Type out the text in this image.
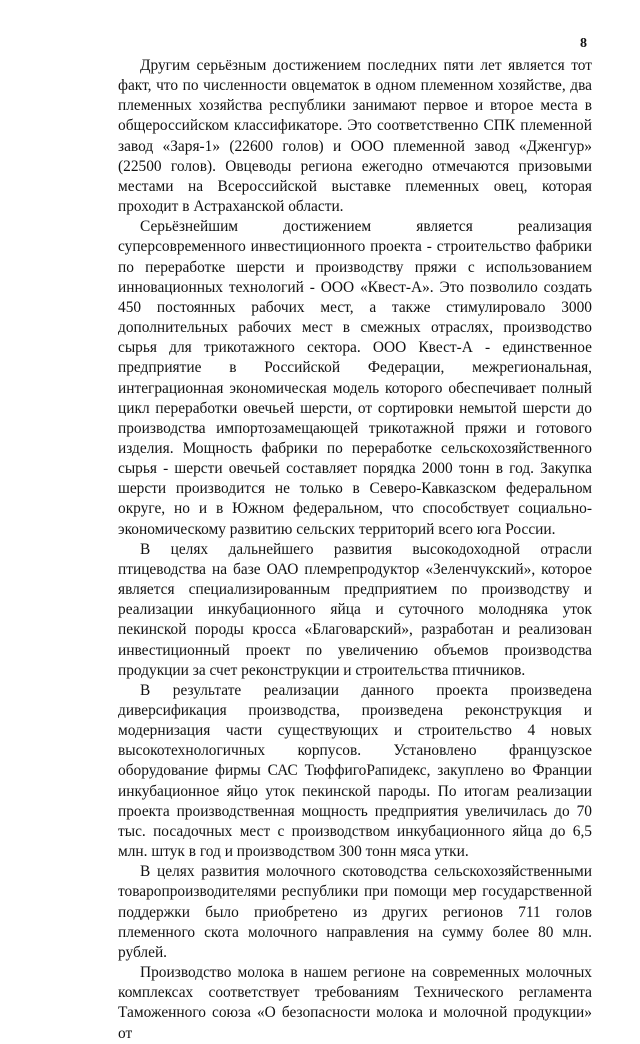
8

Другим серьёзным достижением последних пяти лет является тот факт, что по численности овцематок в одном племенном хозяйстве, два племенных хозяйства республики занимают первое и второе места в общероссийском классификаторе. Это соответственно СПК племенной завод «Заря-1» (22600 голов) и ООО племенной завод «Дженгур» (22500 голов). Овцеводы региона ежегодно отмечаются призовыми местами на Всероссийской выставке племенных овец, которая проходит в Астраханской области.

Серьёзнейшим достижением является реализация суперсовременного инвестиционного проекта - строительство фабрики по переработке шерсти и производству пряжи с использованием инновационных технологий - ООО «Квест-А». Это позволило создать 450 постоянных рабочих мест, а также стимулировало 3000 дополнительных рабочих мест в смежных отраслях, производство сырья для трикотажного сектора. ООО Квест-А - единственное предприятие в Российской Федерации, межрегиональная, интеграционная экономическая модель которого обеспечивает полный цикл переработки овечьей шерсти, от сортировки немытой шерсти до производства импортозамещающей трикотажной пряжи и готового изделия. Мощность фабрики по переработке сельскохозяйственного сырья - шерсти овечьей составляет порядка 2000 тонн в год. Закупка шерсти производится не только в Северо-Кавказском федеральном округе, но и в Южном федеральном, что способствует социально-экономическому развитию сельских территорий всего юга России.

В целях дальнейшего развития высокодоходной отрасли птицеводства на базе ОАО племрепродуктор «Зеленчукский», которое является специализированным предприятием по производству и реализации инкубационного яйца и суточного молодняка уток пекинской породы кросса «Благоварский», разработан и реализован инвестиционный проект по увеличению объемов производства продукции за счет реконструкции и строительства птичников.

В результате реализации данного проекта произведена диверсификация производства, произведена реконструкция и модернизация части существующих и строительство 4 новых высокотехнологичных корпусов. Установлено французское оборудование фирмы САС ТюффигоРапидекс, закуплено во Франции инкубационное яйцо уток пекинской пароды. По итогам реализации проекта производственная мощность предприятия увеличилась до 70 тыс. посадочных мест с производством инкубационного яйца до 6,5 млн. штук в год и производством 300 тонн мяса утки.

В целях развития молочного скотоводства сельскохозяйственными товаропроизводителями республики при помощи мер государственной поддержки было приобретено из других регионов 711 голов племенного скота молочного направления на сумму более 80 млн. рублей.

Производство молока в нашем регионе на современных молочных комплексах соответствует требованиям Технического регламента Таможенного союза «О безопасности молока и молочной продукции» от
